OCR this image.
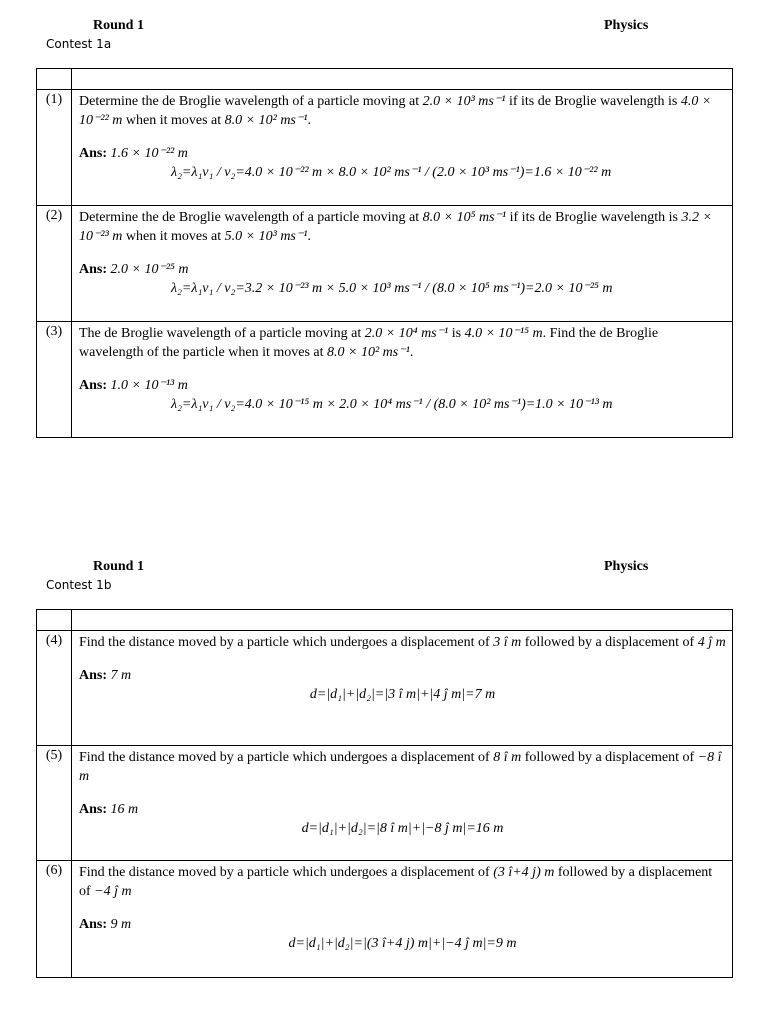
Round 1	Physics
Contest 1a

(1)	Determine the de Broglie wavelength of a particle moving at 2.0 × 10³ ms⁻¹ if its de Broglie wavelength is 4.0 × 10⁻²² m when it moves at 8.0 × 10² ms⁻¹.
Ans: 1.6 × 10⁻²² m
λ₂=λ₁v₁ / v₂=4.0 × 10⁻²² m × 8.0 × 10² ms⁻¹ / (2.0 × 10³ ms⁻¹)=1.6 × 10⁻²² m

(2)	Determine the de Broglie wavelength of a particle moving at 8.0 × 10⁵ ms⁻¹ if its de Broglie wavelength is 3.2 × 10⁻²³ m when it moves at 5.0 × 10³ ms⁻¹.
Ans: 2.0 × 10⁻²⁵ m
λ₂=λ₁v₁ / v₂=3.2 × 10⁻²³ m × 5.0 × 10³ ms⁻¹ / (8.0 × 10⁵ ms⁻¹)=2.0 × 10⁻²⁵ m

(3)	The de Broglie wavelength of a particle moving at 2.0 × 10⁴ ms⁻¹ is 4.0 × 10⁻¹⁵ m. Find the de Broglie wavelength of the particle when it moves at 8.0 × 10² ms⁻¹.
Ans: 1.0 × 10⁻¹³ m
λ₂=λ₁v₁ / v₂=4.0 × 10⁻¹⁵ m × 2.0 × 10⁴ ms⁻¹ / (8.0 × 10² ms⁻¹)=1.0 × 10⁻¹³ m
Round 1	Physics
Contest 1b

(4)	Find the distance moved by a particle which undergoes a displacement of 3 î m followed by a displacement of 4 ĵ m
Ans: 7 m
d=|d₁|+|d₂|=|3 î m|+|4 ĵ m|=7 m

(5)	Find the distance moved by a particle which undergoes a displacement of 8 î m followed by a displacement of −8 î m
Ans: 16 m
d=|d₁|+|d₂|=|8 î m|+|−8 ĵ m|=16 m

(6)	Find the distance moved by a particle which undergoes a displacement of (3 î+4 j) m followed by a displacement of −4 ĵ m
Ans: 9 m
d=|d₁|+|d₂|=|(3 î+4 j) m|+|−4 ĵ m|=9 m
